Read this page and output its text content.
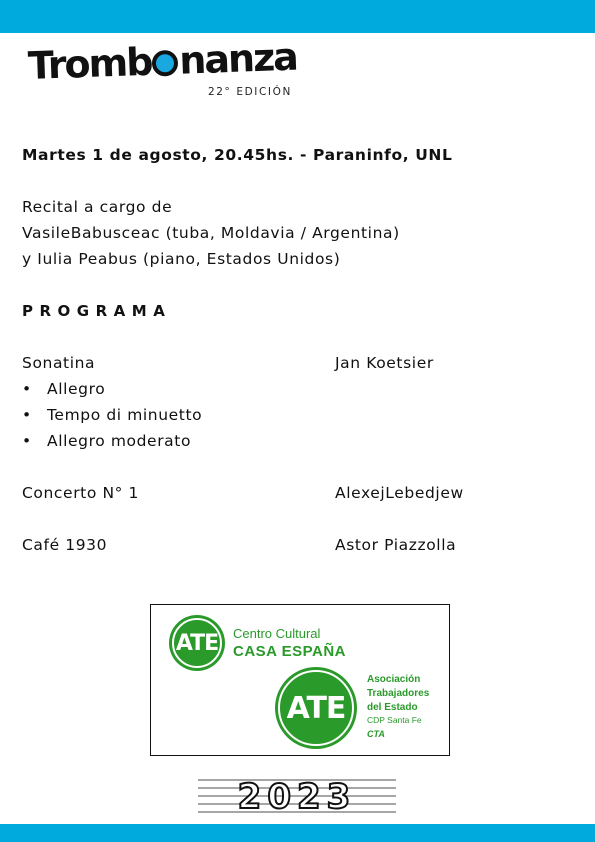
Tromb nanza
22° EDICIÓN
Martes 1 de agosto, 20.45hs. - Paraninfo, UNL
Recital a cargo de
VasileBabusceac (tuba, Moldavia / Argentina)
y Iulia Peabus (piano, Estados Unidos)
PROGRAMA
Sonatina	Jan Koetsier
• Allegro
• Tempo di minuetto
• Allegro moderato
Concerto N° 1	AlexejLebedjew
Café 1930	Astor Piazzolla
ATE	Centro Cultural
CASA ESPAÑA
ATE
Asociación
Trabajadores
del Estado
CDP Santa Fe
CTA
2023
